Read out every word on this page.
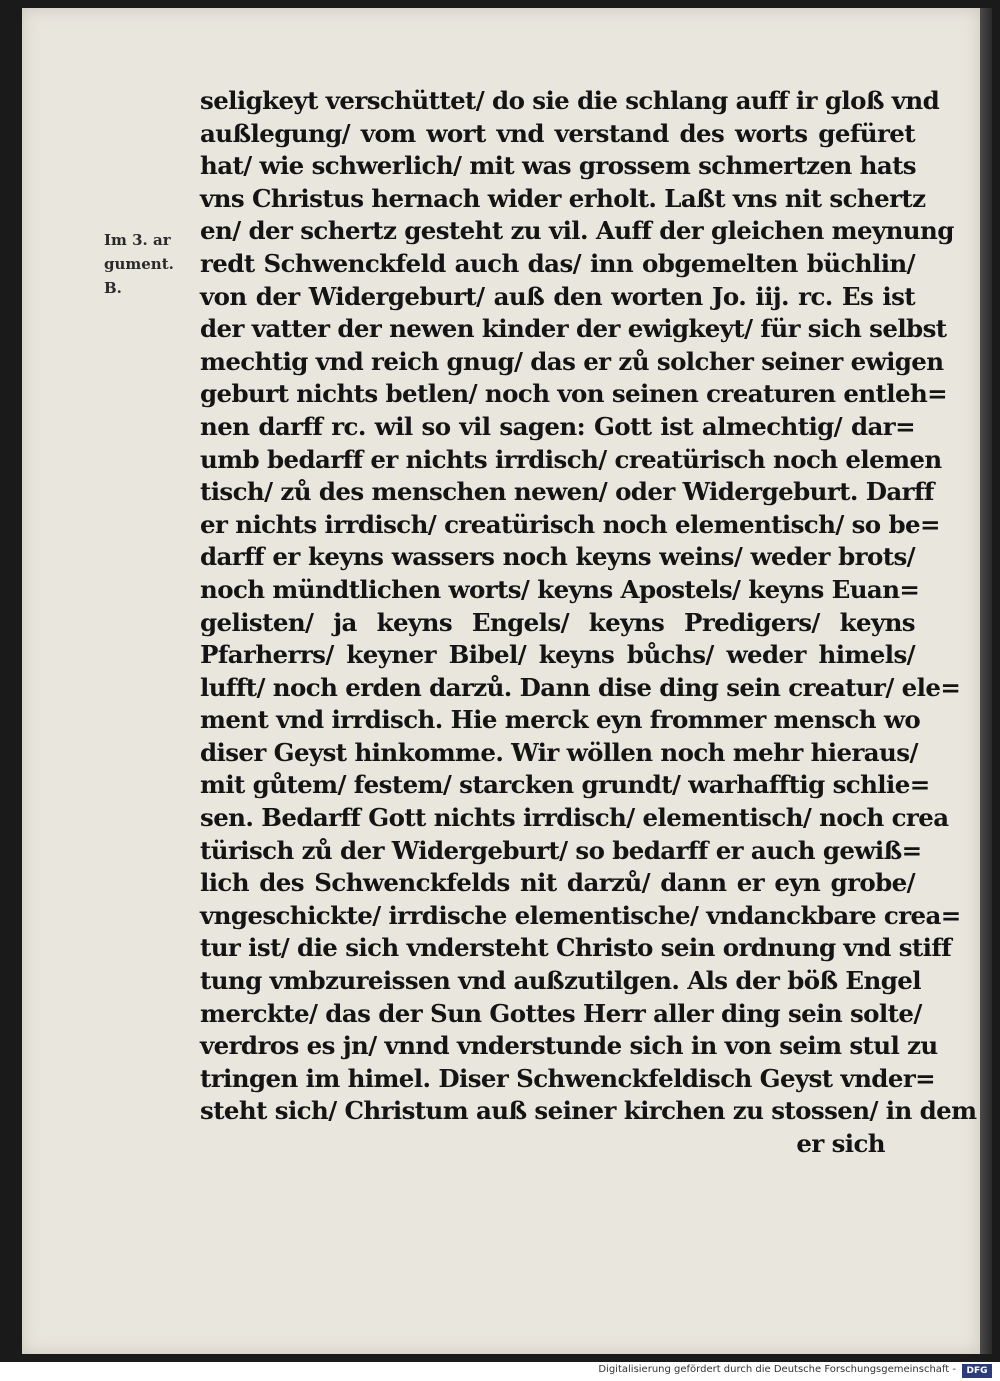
Im 3. ar
gument.
B.
seligkeyt verschüttet/ do sie die schlang auff ir gloß vnd
außlegung/ vom wort vnd verstand des worts gefüret
hat/ wie schwerlich/ mit was grossem schmertzen hats
vns Christus hernach wider erholt. Laßt vns nit schertz
en/ der schertz gesteht zu vil. Auff der gleichen meynung
redt Schwenckfeld auch das/ inn obgemelten büchlin/
von der Widergeburt/ auß den worten Jo. iij. rc. Es ist
der vatter der newen kinder der ewigkeyt/ für sich selbst
mechtig vnd reich gnug/ das er zů solcher seiner ewigen
geburt nichts betlen/ noch von seinen creaturen entleh=
nen darff rc. wil so vil sagen: Gott ist almechtig/ dar=
umb bedarff er nichts irrdisch/ creatürisch noch elemen
tisch/ zů des menschen newen/ oder Widergeburt. Darff
er nichts irrdisch/ creatürisch noch elementisch/ so be=
darff er keyns wassers noch keyns weins/ weder brots/
noch mündtlichen worts/ keyns Apostels/ keyns Euan=
gelisten/ ja keyns Engels/ keyns Predigers/ keyns
Pfarherrs/ keyner Bibel/ keyns bůchs/ weder himels/
lufft/ noch erden darzů. Dann dise ding sein creatur/ ele=
ment vnd irrdisch. Hie merck eyn frommer mensch wo
diser Geyst hinkomme. Wir wöllen noch mehr hieraus/
mit gůtem/ festem/ starcken grundt/ warhafftig schlie=
sen. Bedarff Gott nichts irrdisch/ elementisch/ noch crea
türisch zů der Widergeburt/ so bedarff er auch gewiß=
lich des Schwenckfelds nit darzů/ dann er eyn grobe/
vngeschickte/ irrdische elementische/ vndanckbare crea=
tur ist/ die sich vndersteht Christo sein ordnung vnd stiff
tung vmbzureissen vnd außzutilgen. Als der böß Engel
merckte/ das der Sun Gottes Herr aller ding sein solte/
verdros es jn/ vnnd vnderstunde sich in von seim stul zu
tringen im himel. Diser Schwenckfeldisch Geyst vnder=
steht sich/ Christum auß seiner kirchen zu stossen/ in dem
er sich
Digitalisierung gefördert durch die Deutsche Forschungsgemeinschaft -	DFG
